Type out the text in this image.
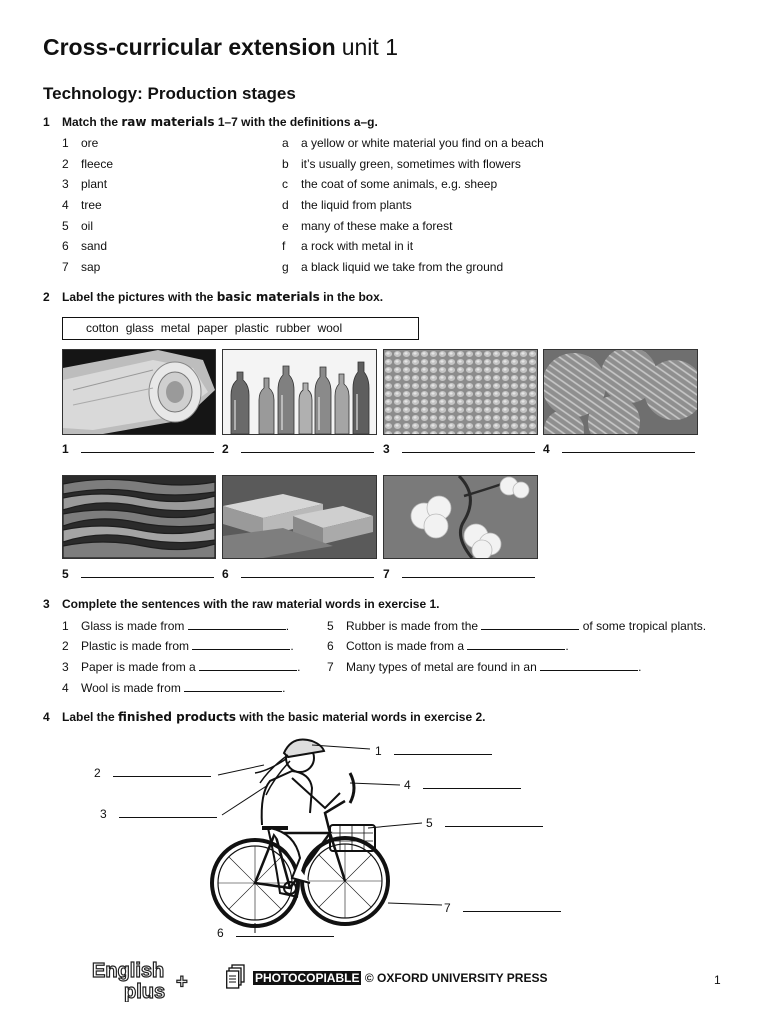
Cross-curricular extension unit 1
Technology: Production stages
1 Match the raw materials 1–7 with the definitions a–g.
1 ore
2 fleece
3 plant
4 tree
5 oil
6 sand
7 sap
a a yellow or white material you find on a beach
b it’s usually green, sometimes with flowers
c the coat of some animals, e.g. sheep
d the liquid from plants
e many of these make a forest
f a rock with metal in it
g a black liquid we take from the ground
2 Label the pictures with the basic materials in the box.
cotton glass metal paper plastic rubber wool
1	2	3	4
5	6	7
3 Complete the sentences with the raw material words in exercise 1.
1 Glass is made from	.
2 Plastic is made from	.
3 Paper is made from a	.
4 Wool is made from	.
5 Rubber is made from the	of some tropical plants.
6 Cotton is made from a	.
7 Many types of metal are found in an	.
4 Label the finished products with the basic material words in exercise 2.
1
2
3
4
5
6
7
English
plus +	PHOTOCOPIABLE © OXFORD UNIVERSITY PRESS	1
